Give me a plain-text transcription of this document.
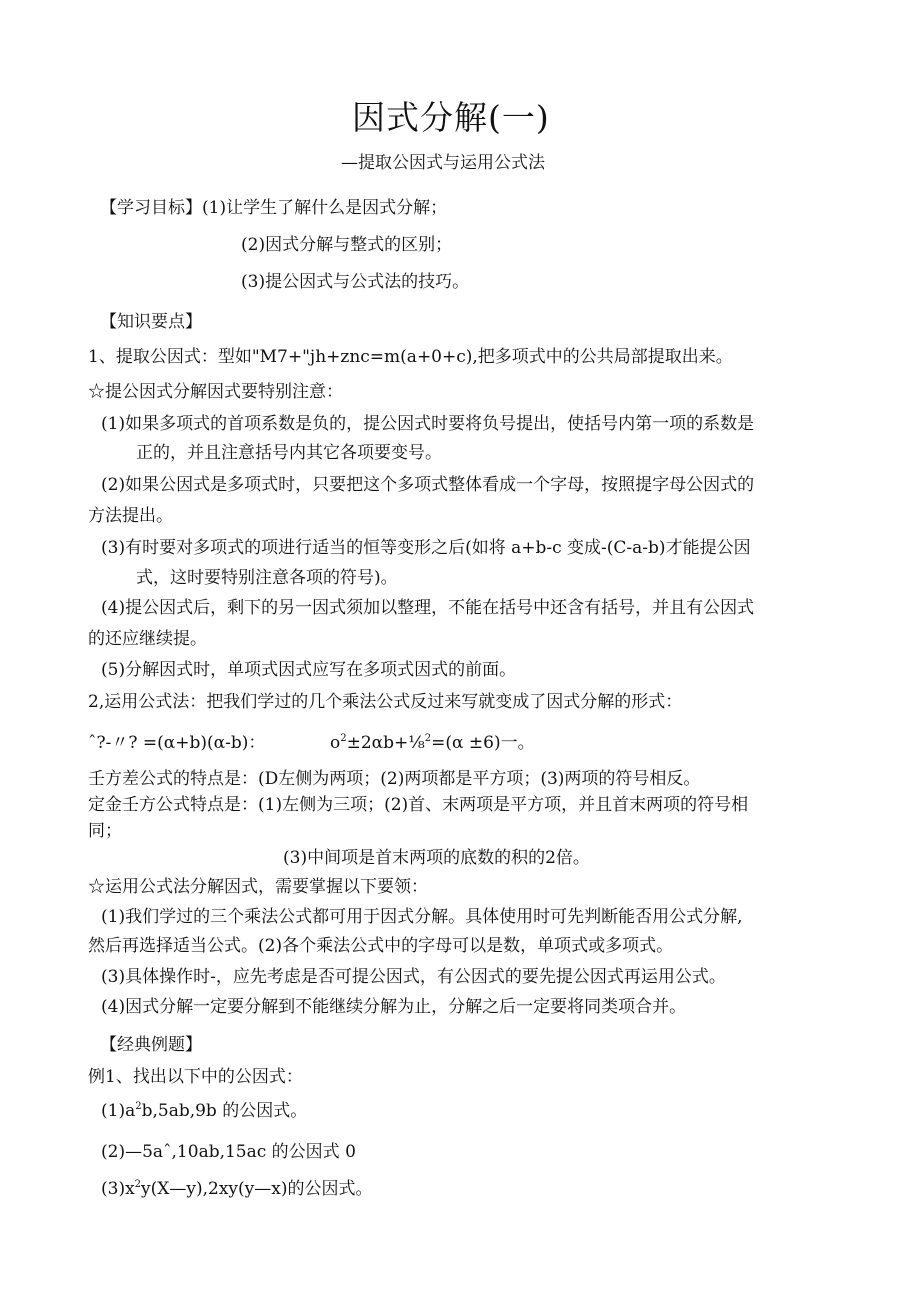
因式分解(一)
—提取公因式与运用公式法
【学习目标】(1)让学生了解什么是因式分解；
(2)因式分解与整式的区别；
(3)提公因式与公式法的技巧。
【知识要点】
1、提取公因式：型如"M7+"jh+znc=m(a+0+c),把多项式中的公共局部提取出来。
☆提公因式分解因式要特别注意：
(1)如果多项式的首项系数是负的，提公因式时要将负号提出，使括号内第一项的系数是
正的，并且注意括号内其它各项要变号。
(2)如果公因式是多项式时，只要把这个多项式整体看成一个字母，按照提字母公因式的
方法提出。
(3)有时要对多项式的项进行适当的恒等变形之后(如将 a+b-c 变成-(C-a-b)才能提公因
式，这时要特别注意各项的符号)。
(4)提公因式后，剩下的另一因式须加以整理，不能在括号中还含有括号，并且有公因式
的还应继续提。
(5)分解因式时，单项式因式应写在多项式因式的前面。
2,运用公式法：把我们学过的几个乘法公式反过来写就变成了因式分解的形式：
ˆ?-〃? =(α+b)(α-b)：	$o^2\pm 2\alpha b+\frac{1}{8}^2=(\alpha \pm 6)$一。
壬方差公式的特点是：(D左侧为两项；(2)两项都是平方项；(3)两项的符号相反。
定金壬方公式特点是：(1)左侧为三项；(2)首、末两项是平方项，并且首末两项的符号相
同；
(3)中间项是首末两项的底数的积的2倍。
☆运用公式法分解因式，需要掌握以下要领：
(1)我们学过的三个乘法公式都可用于因式分解。具体使用时可先判断能否用公式分解,
然后再选择适当公式。(2)各个乘法公式中的字母可以是数，单项式或多项式。
(3)具体操作时-，应先考虑是否可提公因式，有公因式的要先提公因式再运用公式。
(4)因式分解一定要分解到不能继续分解为止，分解之后一定要将同类项合并。
【经典例题】
例1、找出以下中的公因式：
$(1)a^2b,5ab,9b$ 的公因式。
(2)—5aˆ,10ab,15ac 的公因式 0
$(3)x^2y(X—y),2xy(y—x)$的公因式。
